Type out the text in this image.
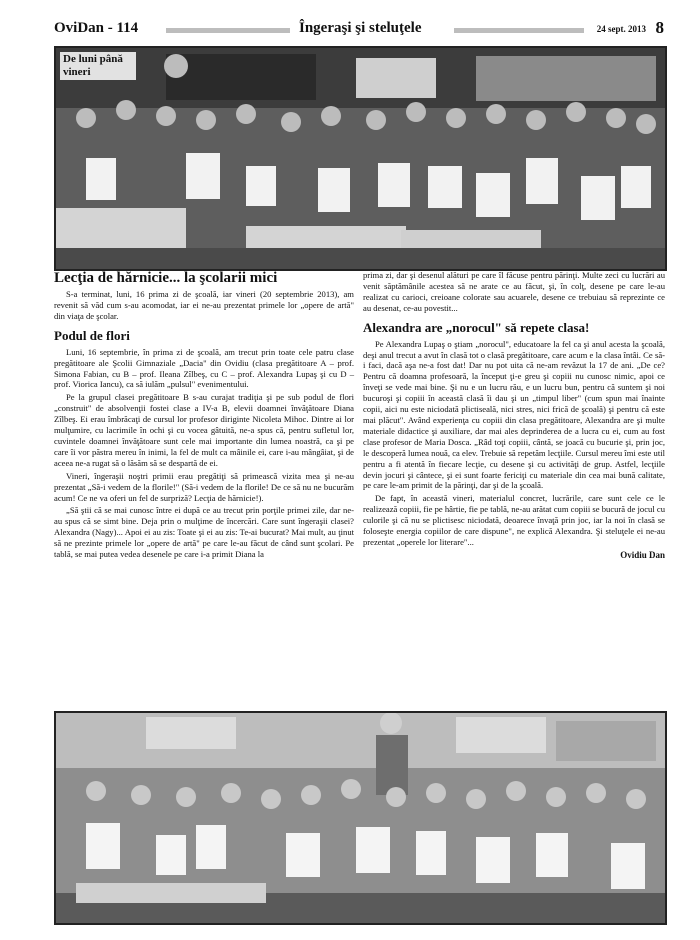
OviDan - 114	Îngeraşi şi steluţele	24 sept. 2013 8
De luni până vineri
Lecţia de hărnicie... la şcolarii mici

S-a terminat, luni, 16 prima zi de şcoală, iar vineri (20 septembrie 2013), am revenit să văd cum s-au acomodat, iar ei ne-au prezentat primele lor „opere de artă" din viaţa de şcolar.

Podul de flori

Luni, 16 septembrie, în prima zi de şcoală, am trecut prin toate cele patru clase pregătitoare ale Şcolii Gimnaziale „Dacia" din Ovidiu (clasa pregătitoare A – prof. Simona Fabian, cu B – prof. Ileana Zîlbeş, cu C – prof. Alexandra Lupaş şi cu D – prof. Viorica Iancu), ca să iulăm „pulsul" evenimentului.

Pe la grupul clasei pregătitoare B s-au curajat tradiţia şi pe sub podul de flori „construit" de absolvenţii fostei clase a IV-a B, elevii doamnei învăţătoare Diana Zîlbeş. Ei erau îmbrăcaţi de cursul lor profesor diriginte Nicoleta Mihoc. Dintre ai lor mulţumire, cu lacrimile în ochi şi cu vocea gâtuită, ne-a spus că, pentru sufletul lor, cuvintele doamnei învăţătoare sunt cele mai importante din lumea noastră, ca şi pe care îi vor păstra mereu în inimi, la fel de mult ca mâinile ei, care i-au mângâiat, şi de aceea ne-a rugat să o lăsăm să se despartă de ei.

Vineri, îngeraşii noştri primii erau pregătiţi să primească vizita mea şi ne-au prezentat „Să-i vedem de la florile!" (Să-i vedem de la florile! De ce să nu ne bucurăm acum! Ce ne va oferi un fel de surpriză? Lecţia de hărnicie!).

„Să ştii că se mai cunosc între ei după ce au trecut prin porţile primei zile, dar ne-au spus că se simt bine. Deja prin o mulţime de încercări. Care sunt îngeraşii clasei? Alexandra (Nagy)... Apoi ei au zis: Toate şi ei au zis: Te-ai bucurat? Mai mult, au ţinut să ne prezinte primele lor „opere de artă" pe care le-au făcut de când sunt şcolari. Pe tablă, se mai putea vedea desenele pe care i-a primit Diana la

prima zi, dar şi desenul alături pe care îl făcuse pentru părinţi. Multe zeci cu lucrări au venit săptămânile acestea să ne arate ce au făcut, şi, în colţ, desene pe care le-au realizat cu carioci, creioane colorate sau acuarele, desene ce trebuiau să reprezinte ce au desenat, ce-au povestit...

Alexandra are „norocul" să repete clasa!

Pe Alexandra Lupaş o ştiam „norocul", educatoare la fel ca şi anul acesta la şcoală, deşi anul trecut a avut în clasă tot o clasă pregătitoare, care acum e la clasa întâi. Ce să-i faci, dacă aşa ne-a fost dat! Dar nu pot uita că ne-am revăzut la 17 de ani. „De ce? Pentru că doamna profesoară, la început ţi-e greu şi copiii nu cunosc nimic, apoi ce înveţi se vede mai bine. Şi nu e un lucru rău, e un lucru bun, pentru că suntem şi noi bucuroşi şi copiii în această clasă îi dau şi un „timpul liber" (cum spun mai înainte copii, aici nu este niciodată plictiseală, nici stres, nici frică de şcoală) şi pentru că este mai plăcut". Având experienţa cu copiii din clasa pregătitoare, Alexandra are şi multe materiale didactice şi auxiliare, dar mai ales deprinderea de a lucra cu ei, cum au fost clase profesor de Maria Dosca. „Râd toţi copiii, cântă, se joacă cu bucurie şi, prin joc, le descoperă lumea nouă, ca elev. Trebuie să repetăm lecţiile. Cursul mereu îmi este util pentru a fi atentă în fiecare lecţie, cu desene şi cu activităţi de grup. Astfel, lecţiile devin jocuri şi cântece, şi ei sunt foarte fericiţi cu materiale din cea mai bună calitate, pe care le-am primit de la părinţi, dar şi de la şcoală.

De fapt, în această vineri, materialul concret, lucrările, care sunt cele ce le realizează copiii, fie pe hârtie, fie pe tablă, ne-au arătat cum copiii se bucură de jocul cu culorile şi că nu se plictisesc niciodată, deoarece învaţă prin joc, iar la noi în clasă se foloseşte energia copiilor de care dispune", ne explică Alexandra. Şi steluţele ei ne-au prezentat „operele lor literare"...

Ovidiu Dan
